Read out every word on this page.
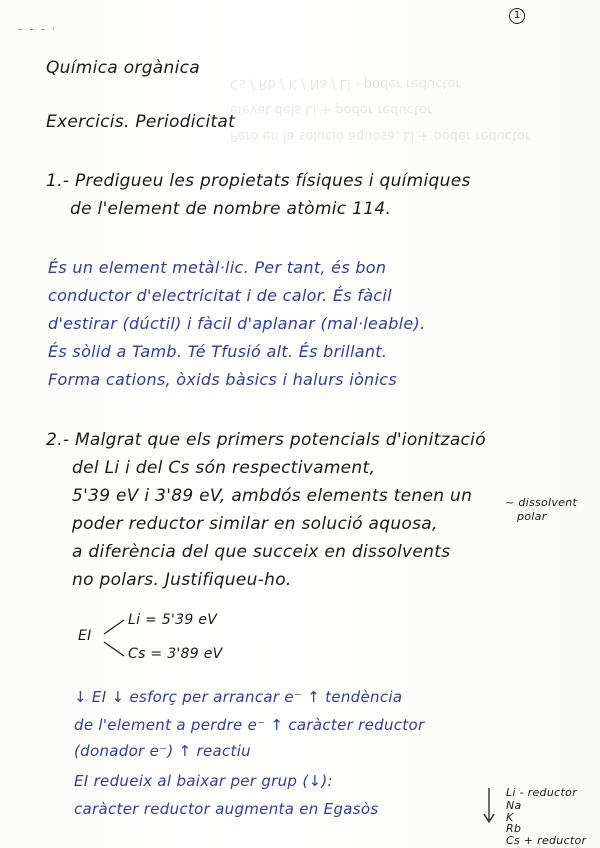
Però en la solució aquosa, Li + poder reductor
elevat dels Li + poder reductor
Cs / Rb / K / Na / Li - poder reductor
– – – ·
1
Química orgànica
Exercicis. Periodicitat
1.- Predigueu les propietats físiques i químiques
de l'element de nombre atòmic 114.
És un element metàl·lic. Per tant, és bon
conductor d'electricitat i de calor. És fàcil
d'estirar (dúctil) i fàcil d'aplanar (mal·leable).
És sòlid a Tamb. Té Tfusió alt. És brillant.
Forma cations, òxids bàsics i halurs iònics
2.- Malgrat que els primers potencials d'ionització
del Li i del Cs són respectivament,
5'39 eV i 3'89 eV, ambdós elements tenen un
poder reductor similar en solució aquosa,
a diferència del que succeix en dissolvents
no polars. Justifiqueu-ho.
~ dissolvent
polar
EI
Li = 5'39 eV
Cs = 3'89 eV
↓ EI ↓ esforç per arrancar e⁻ ↑ tendència
de l'element a perdre e⁻ ↑ caràcter reductor
(donador e⁻) ↑ reactiu
EI redueix al baixar per grup (↓):
caràcter reductor augmenta en Egasòs
Li - reductor
Na
K
Rb
Cs + reductor
